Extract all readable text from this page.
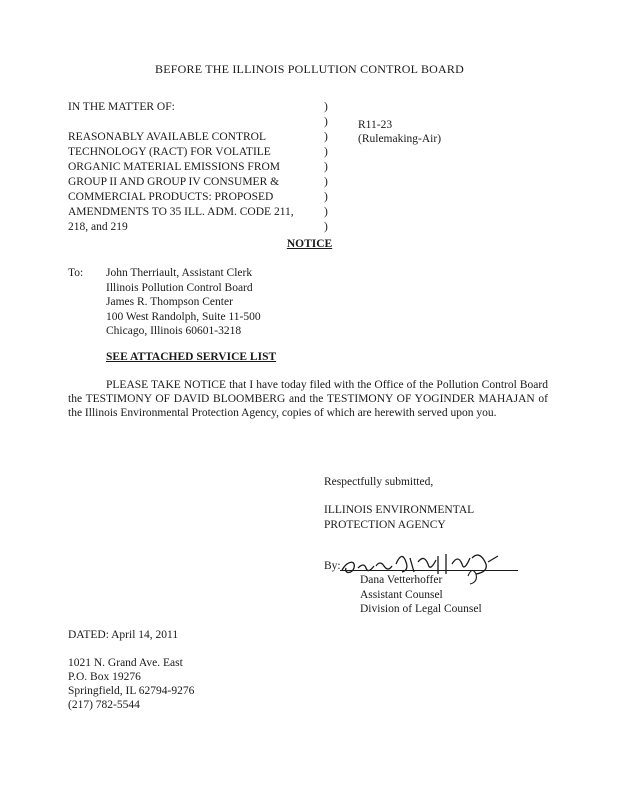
BEFORE THE ILLINOIS POLLUTION CONTROL BOARD
IN THE MATTER OF:
REASONABLY AVAILABLE CONTROL
TECHNOLOGY (RACT) FOR VOLATILE
ORGANIC MATERIAL EMISSIONS FROM
GROUP II AND GROUP IV CONSUMER &
COMMERCIAL PRODUCTS: PROPOSED
AMENDMENTS TO 35 ILL. ADM. CODE 211,
218, and 219
)
)
)
)
)
)
)
)
)
R11-23
(Rulemaking-Air)
NOTICE
To: John Therriault, Assistant Clerk
Illinois Pollution Control Board
James R. Thompson Center
100 West Randolph, Suite 11-500
Chicago, Illinois 60601-3218
SEE ATTACHED SERVICE LIST
PLEASE TAKE NOTICE that I have today filed with the Office of the Pollution Control Board the TESTIMONY OF DAVID BLOOMBERG and the TESTIMONY OF YOGINDER MAHAJAN of the Illinois Environmental Protection Agency, copies of which are herewith served upon you.
Respectfully submitted,
ILLINOIS ENVIRONMENTAL
PROTECTION AGENCY
By:
Dana Vetterhoffer
Assistant Counsel
Division of Legal Counsel
DATED: April 14, 2011
1021 N. Grand Ave. East
P.O. Box 19276
Springfield, IL 62794-9276
(217) 782-5544
